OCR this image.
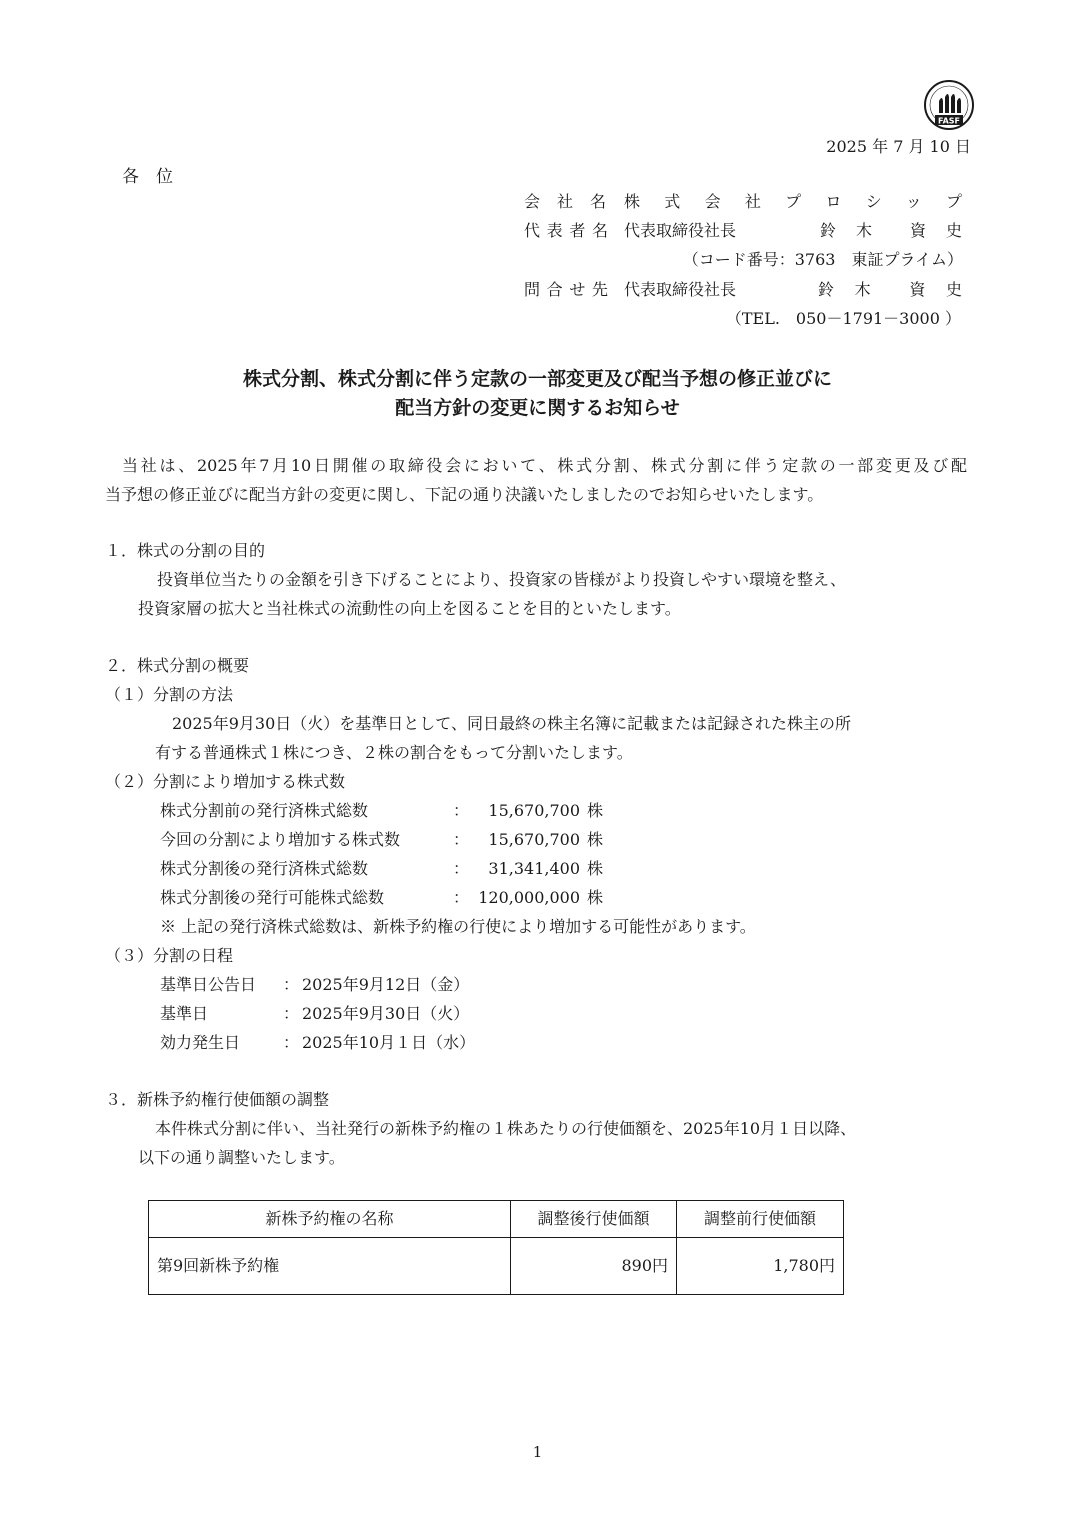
FASF
2025 年 7 月 10 日
各　位
会社名 株式会社プロシップ
代表者名 代表取締役社長	鈴　木　　資　史
（コード番号：3763　東証プライム）
問合せ先 代表取締役社長	鈴　木　　資　史
（TEL.　050－1791－3000 ）
株式分割、株式分割に伴う定款の一部変更及び配当予想の修正並びに
配当方針の変更に関するお知らせ
当社は、2025年7月10日開催の取締役会において、株式分割、株式分割に伴う定款の一部変更及び配
当予想の修正並びに配当方針の変更に関し、下記の通り決議いたしましたのでお知らせいたします。
１．株式の分割の目的
投資単位当たりの金額を引き下げることにより、投資家の皆様がより投資しやすい環境を整え、
投資家層の拡大と当社株式の流動性の向上を図ることを目的といたします。
２．株式分割の概要
（１）分割の方法
2025年9月30日（火）を基準日として、同日最終の株主名簿に記載または記録された株主の所
有する普通株式１株につき、２株の割合をもって分割いたします。
（２）分割により増加する株式数
株式分割前の発行済株式総数	： 15,670,700 株
今回の分割により増加する株式数	： 15,670,700 株
株式分割後の発行済株式総数	： 31,341,400 株
株式分割後の発行可能株式総数	： 120,000,000 株
※ 上記の発行済株式総数は、新株予約権の行使により増加する可能性があります。
（３）分割の日程
基準日公告日 ： 2025年9月12日（金）
基準日	： 2025年9月30日（火）
効力発生日	： 2025年10月１日（水）
３．新株予約権行使価額の調整
本件株式分割に伴い、当社発行の新株予約権の１株あたりの行使価額を、2025年10月１日以降、
以下の通り調整いたします。
新株予約権の名称	調整後行使価額	調整前行使価額
第9回新株予約権	890円	1,780円
1
